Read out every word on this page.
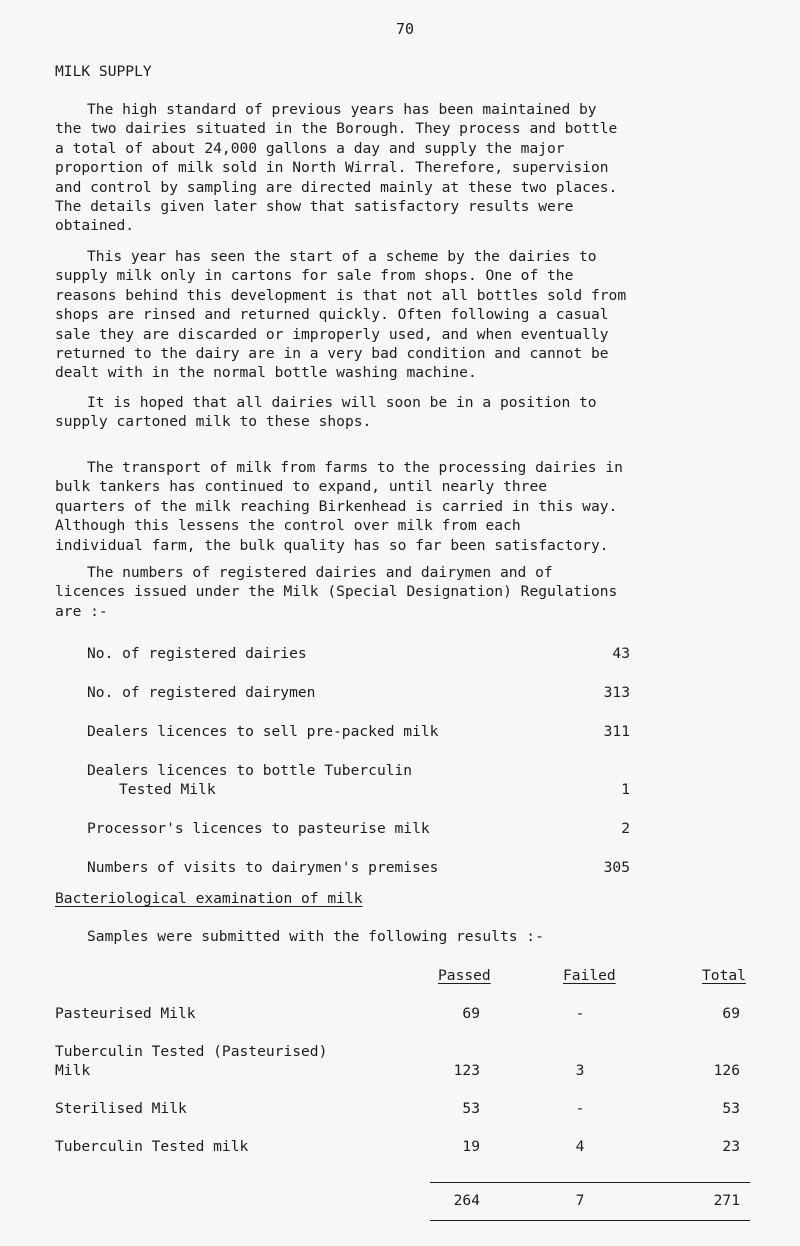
70
MILK SUPPLY
The high standard of previous years has been maintained by
the two dairies situated in the Borough. They process and bottle
a total of about 24,000 gallons a day and supply the major
proportion of milk sold in North Wirral. Therefore, supervision
and control by sampling are directed mainly at these two places.
The details given later show that satisfactory results were
obtained.
This year has seen the start of a scheme by the dairies to
supply milk only in cartons for sale from shops. One of the
reasons behind this development is that not all bottles sold from
shops are rinsed and returned quickly. Often following a casual
sale they are discarded or improperly used, and when eventually
returned to the dairy are in a very bad condition and cannot be
dealt with in the normal bottle washing machine.
It is hoped that all dairies will soon be in a position to
supply cartoned milk to these shops.
The transport of milk from farms to the processing dairies in
bulk tankers has continued to expand, until nearly three
quarters of the milk reaching Birkenhead is carried in this way.
Although this lessens the control over milk from each
individual farm, the bulk quality has so far been satisfactory.
The numbers of registered dairies and dairymen and of
licences issued under the Milk (Special Designation) Regulations
are :-
No. of registered dairies	43
No. of registered dairymen	313
Dealers licences to sell pre-packed milk	311
Dealers licences to bottle Tuberculin
Tested Milk	1
Processor's licences to pasteurise milk	2
Numbers of visits to dairymen's premises	305
Bacteriological examination of milk
Samples were submitted with the following results :-
Passed	Failed	Total
Pasteurised Milk	69	-	69
Tuberculin Tested (Pasteurised)
Milk	123	3	126
Sterilised Milk	53	-	53
Tuberculin Tested milk	19	4	23
264	7	271
